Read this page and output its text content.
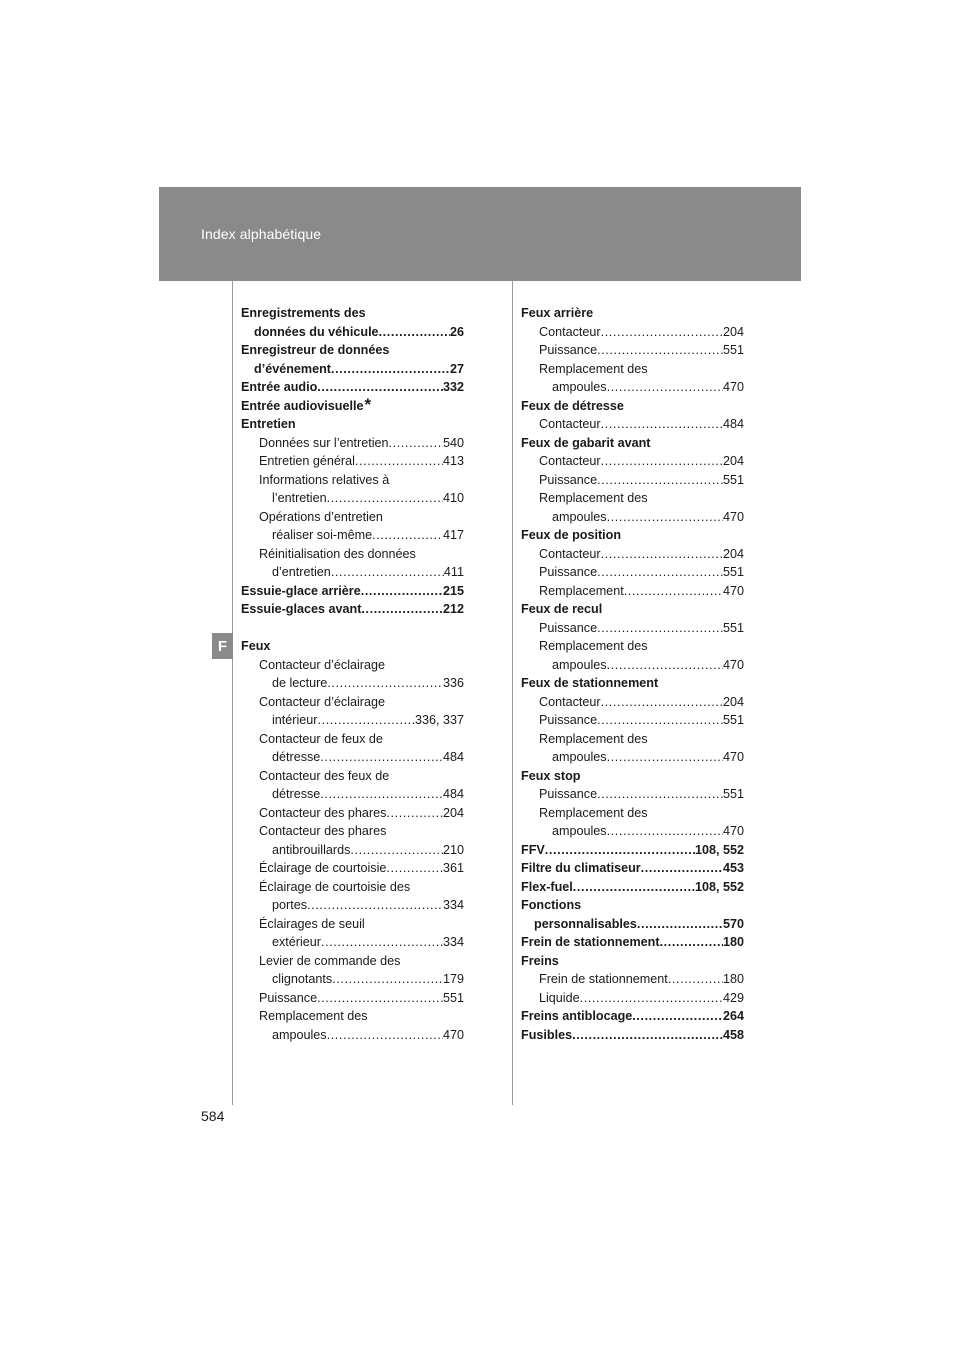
Index alphabétique
F
Enregistrements des
données du véhicule .....	26
Enregistreur de données
d’événement .....	27
Entrée audio .....	332
Entrée audiovisuelle *
Entretien
Données sur l’entretien .....	540
Entretien général .....	413
Informations relatives à
l’entretien .....	410
Opérations d’entretien
réaliser soi-même .....	417
Réinitialisation des données
d’entretien .....	411
Essuie-glace arrière .....	215
Essuie-glaces avant .....	212
Feux
Contacteur d’éclairage
de lecture .....	336
Contacteur d’éclairage
intérieur .....	336, 337
Contacteur de feux de
détresse .....	484
Contacteur des feux de
détresse .....	484
Contacteur des phares .....	204
Contacteur des phares
antibrouillards .....	210
Éclairage de courtoisie .....	361
Éclairage de courtoisie des
portes .....	334
Éclairages de seuil
extérieur .....	334
Levier de commande des
clignotants .....	179
Puissance .....	551
Remplacement des
ampoules .....	470
Feux arrière
Contacteur .....	204
Puissance .....	551
Remplacement des
ampoules .....	470
Feux de détresse
Contacteur .....	484
Feux de gabarit avant
Contacteur .....	204
Puissance .....	551
Remplacement des
ampoules .....	470
Feux de position
Contacteur .....	204
Puissance .....	551
Remplacement .....	470
Feux de recul
Puissance .....	551
Remplacement des
ampoules .....	470
Feux de stationnement
Contacteur .....	204
Puissance .....	551
Remplacement des
ampoules .....	470
Feux stop
Puissance .....	551
Remplacement des
ampoules .....	470
FFV .....	108, 552
Filtre du climatiseur .....	453
Flex-fuel .....	108, 552
Fonctions
personnalisables .....	570
Frein de stationnement .....	180
Freins
Frein de stationnement .....	180
Liquide .....	429
Freins antiblocage .....	264
Fusibles .....	458
584
